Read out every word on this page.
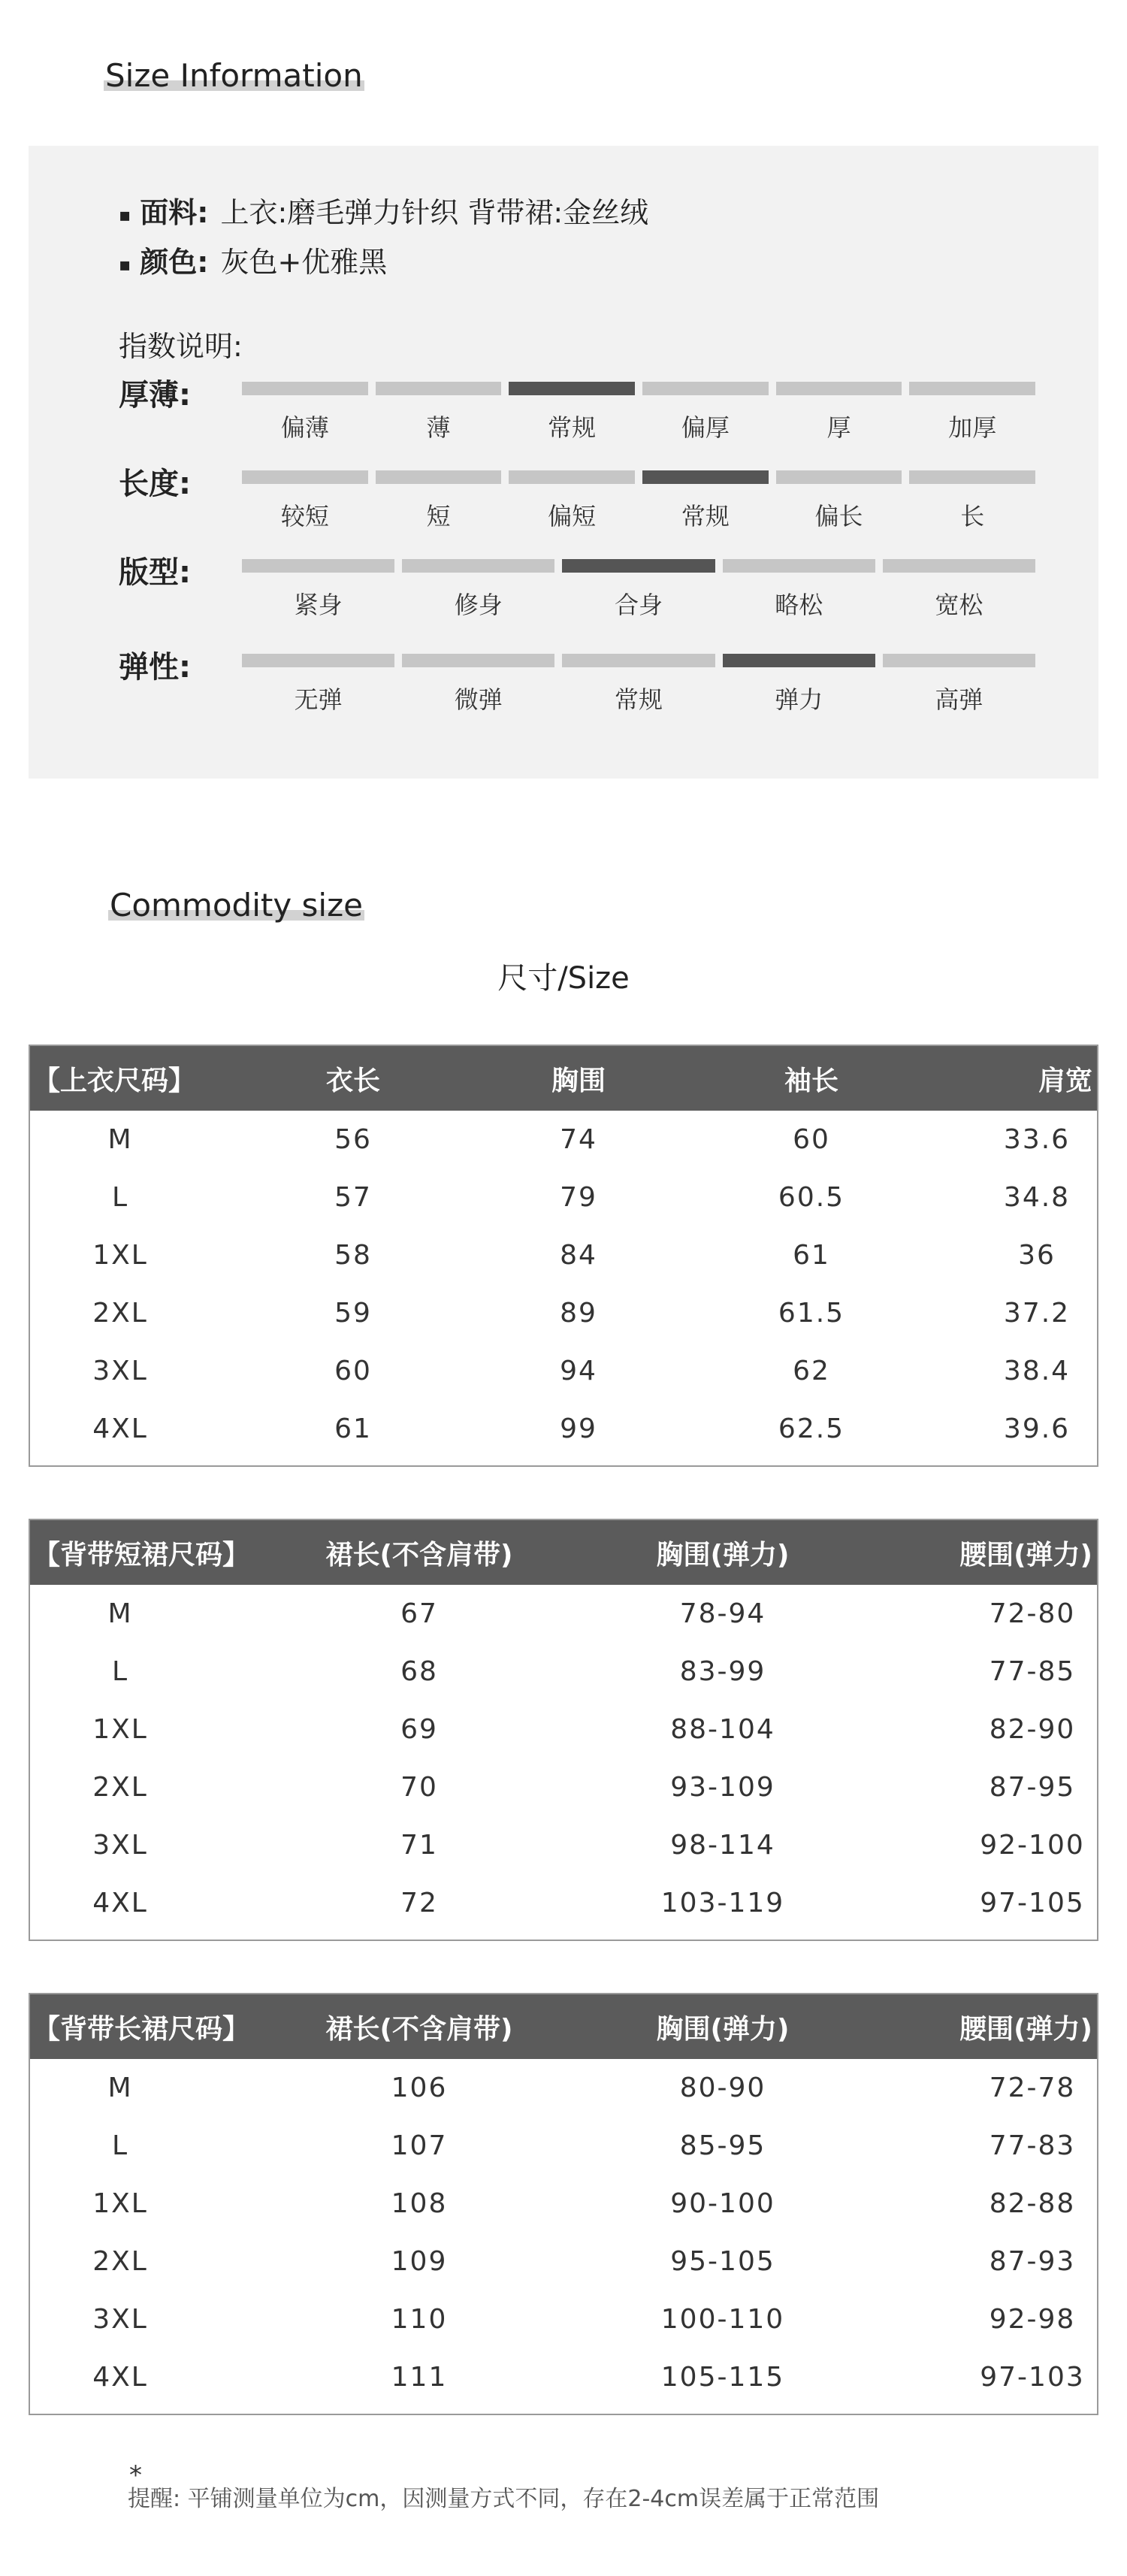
Size Information
▪ 面料: 上衣:磨毛弹力针织 背带裙:金丝绒
▪ 颜色: 灰色+优雅黑
指数说明:
厚薄:
偏薄	薄	常规	偏厚	厚	加厚
长度:
较短	短	偏短	常规	偏长	长
版型:
紧身	修身	合身	略松	宽松
弹性:
无弹	微弹	常规	弹力	高弹
Commodity size
尺寸/Size
【上衣尺码】	衣长	胸围	袖长	肩宽
M	56	74	60	33.6
L	57	79	60.5	34.8
1XL	58	84	61	36
2XL	59	89	61.5	37.2
3XL	60	94	62	38.4
4XL	61	99	62.5	39.6
【背带短裙尺码】	裙长(不含肩带)	胸围(弹力)	腰围(弹力)
M	67	78-94	72-80
L	68	83-99	77-85
1XL	69	88-104	82-90
2XL	70	93-109	87-95
3XL	71	98-114	92-100
4XL	72	103-119	97-105
【背带长裙尺码】	裙长(不含肩带)	胸围(弹力)	腰围(弹力)
M	106	80-90	72-78
L	107	85-95	77-83
1XL	108	90-100	82-88
2XL	109	95-105	87-93
3XL	110	100-110	92-98
4XL	111	105-115	97-103
*
提醒: 平铺测量单位为cm，因测量方式不同，存在2-4cm误差属于正常范围
